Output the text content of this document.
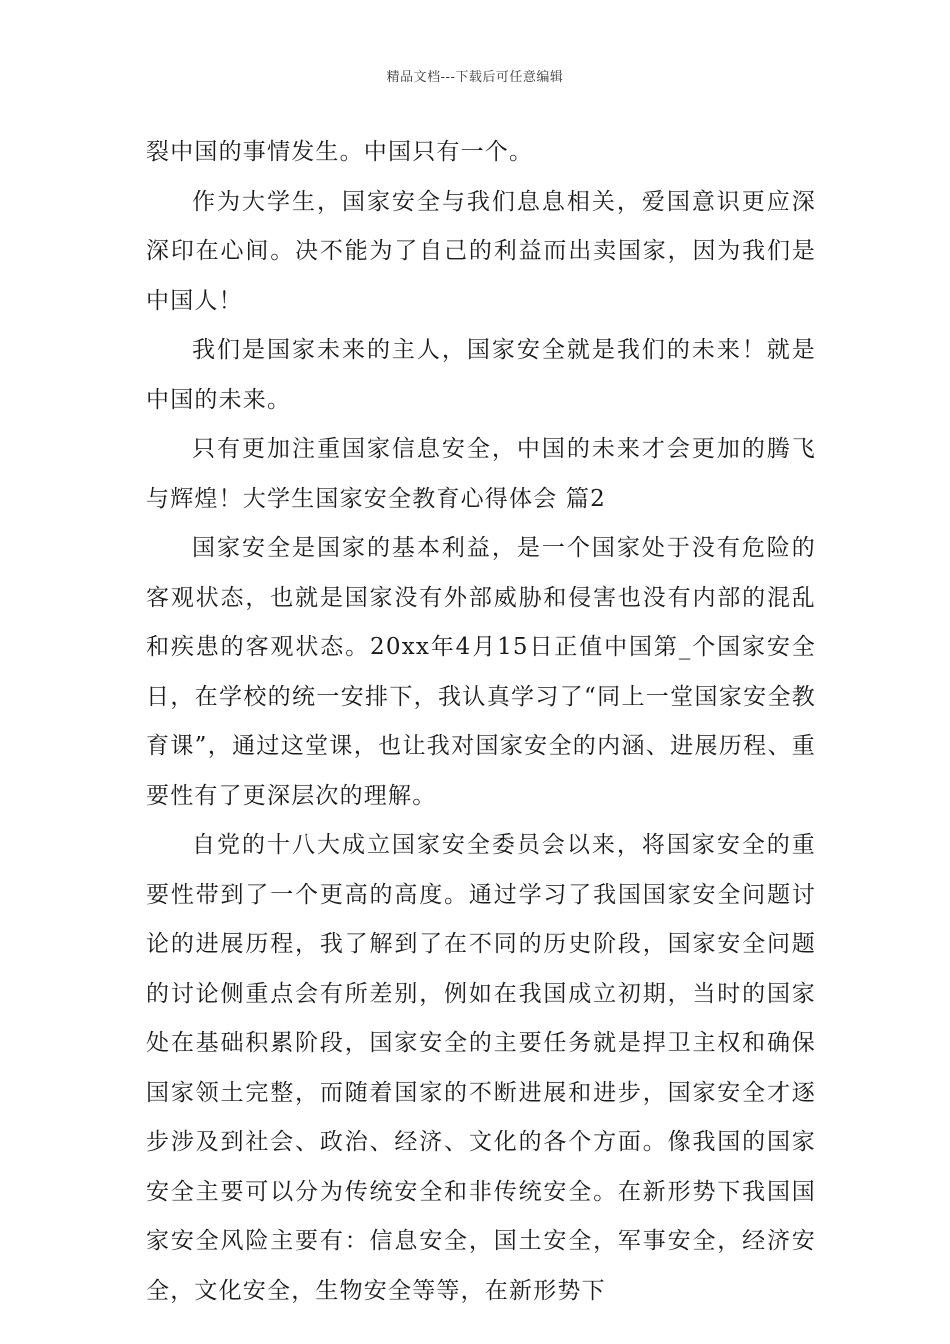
精品文档---下载后可任意编辑

裂中国的事情发生。中国只有一个。

作为大学生，国家安全与我们息息相关，爱国意识更应深深印在心间。决不能为了自己的利益而出卖国家，因为我们是中国人！

我们是国家未来的主人，国家安全就是我们的未来！就是中国的未来。

只有更加注重国家信息安全，中国的未来才会更加的腾飞与辉煌！大学生国家安全教育心得体会 篇2

国家安全是国家的基本利益，是一个国家处于没有危险的客观状态，也就是国家没有外部威胁和侵害也没有内部的混乱和疾患的客观状态。20xx年4月15日正值中国第_个国家安全日，在学校的统一安排下，我认真学习了“同上一堂国家安全教育课”，通过这堂课，也让我对国家安全的内涵、进展历程、重要性有了更深层次的理解。

自党的十八大成立国家安全委员会以来，将国家安全的重要性带到了一个更高的高度。通过学习了我国国家安全问题讨论的进展历程，我了解到了在不同的历史阶段，国家安全问题的讨论侧重点会有所差别，例如在我国成立初期，当时的国家处在基础积累阶段，国家安全的主要任务就是捍卫主权和确保国家领土完整，而随着国家的不断进展和进步，国家安全才逐步涉及到社会、政治、经济、文化的各个方面。像我国的国家安全主要可以分为传统安全和非传统安全。在新形势下我国国家安全风险主要有：信息安全，国土安全，军事安全，经济安全，文化安全，生物安全等等，在新形势下
